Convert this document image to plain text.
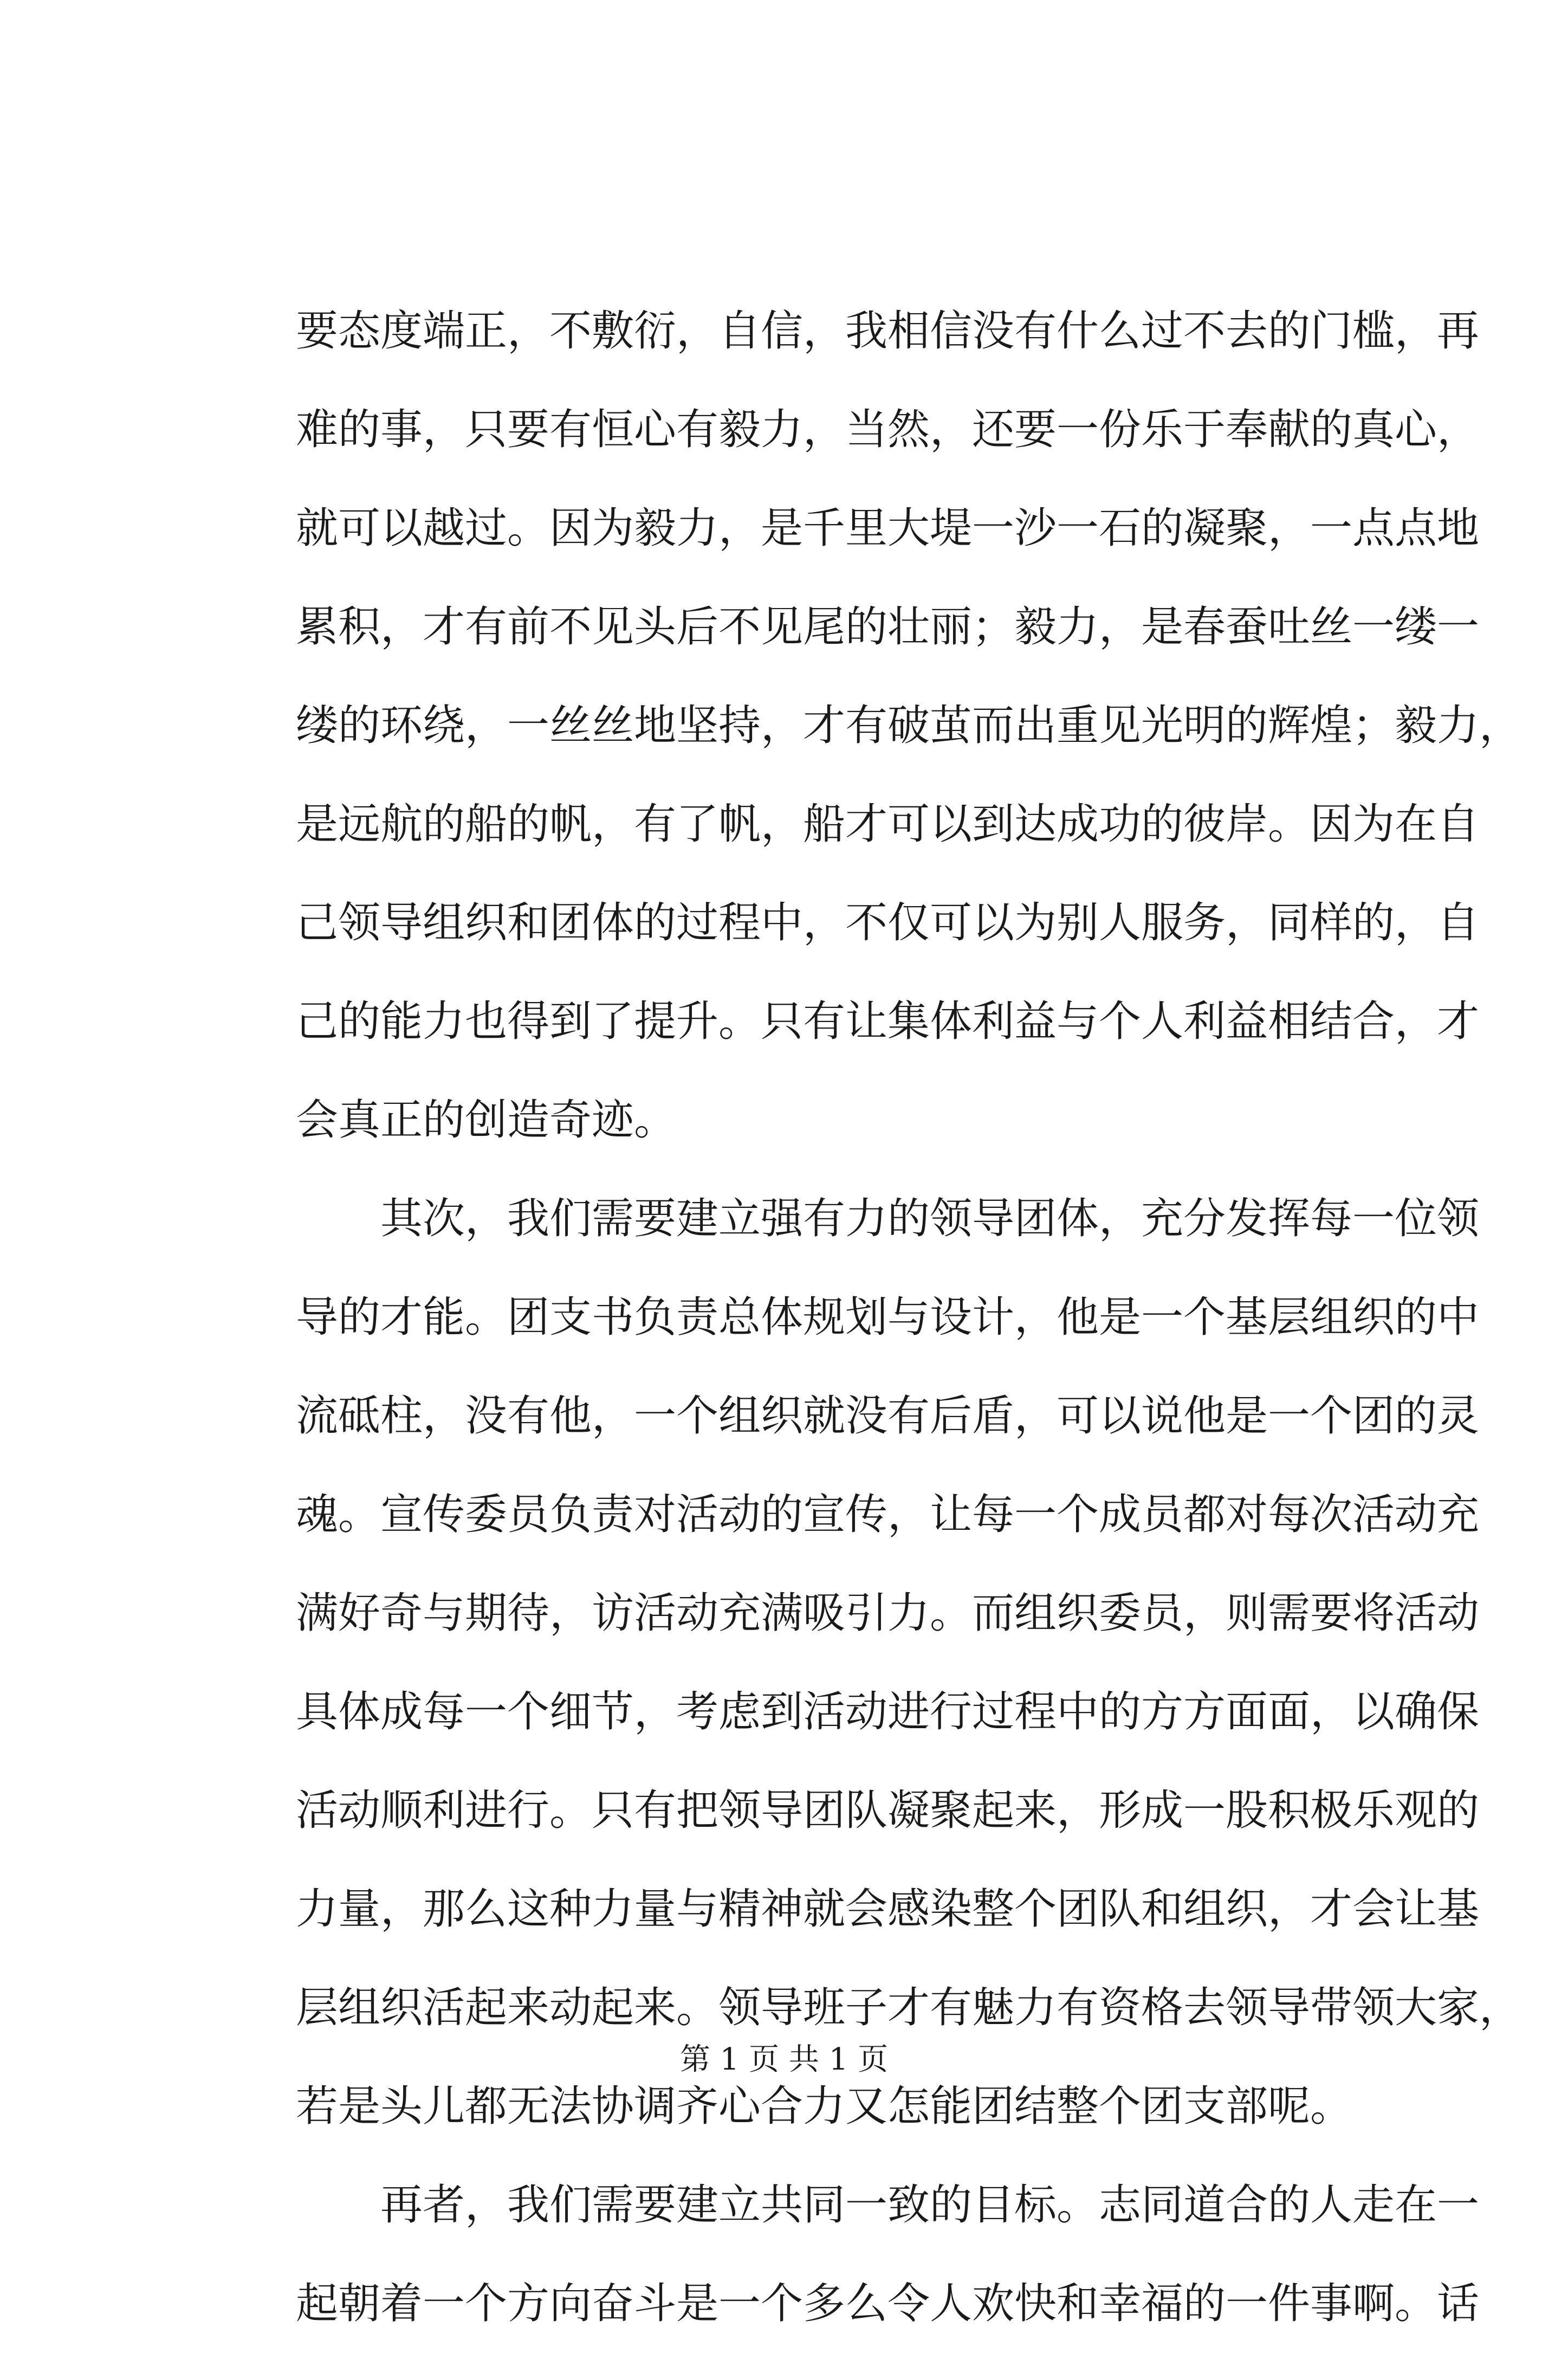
要态度端正，不敷衍，自信，我相信没有什么过不去的门槛，再
难的事，只要有恒心有毅力，当然，还要一份乐于奉献的真心，
就可以越过。因为毅力，是千里大堤一沙一石的凝聚，一点点地
累积，才有前不见头后不见尾的壮丽；毅力，是春蚕吐丝一缕一
缕的环绕，一丝丝地坚持，才有破茧而出重见光明的辉煌；毅力，
是远航的船的帆，有了帆，船才可以到达成功的彼岸。因为在自
己领导组织和团体的过程中，不仅可以为别人服务，同样的，自
己的能力也得到了提升。只有让集体利益与个人利益相结合，才
会真正的创造奇迹。
其次，我们需要建立强有力的领导团体，充分发挥每一位领
导的才能。团支书负责总体规划与设计，他是一个基层组织的中
流砥柱，没有他，一个组织就没有后盾，可以说他是一个团的灵
魂。宣传委员负责对活动的宣传，让每一个成员都对每次活动充
满好奇与期待，访活动充满吸引力。而组织委员，则需要将活动
具体成每一个细节，考虑到活动进行过程中的方方面面，以确保
活动顺利进行。只有把领导团队凝聚起来，形成一股积极乐观的
力量，那么这种力量与精神就会感染整个团队和组织，才会让基
层组织活起来动起来。领导班子才有魅力有资格去领导带领大家，
若是头儿都无法协调齐心合力又怎能团结整个团支部呢。
再者，我们需要建立共同一致的目标。志同道合的人走在一
起朝着一个方向奋斗是一个多么令人欢快和幸福的一件事啊。话
第 1 页 共 1 页
